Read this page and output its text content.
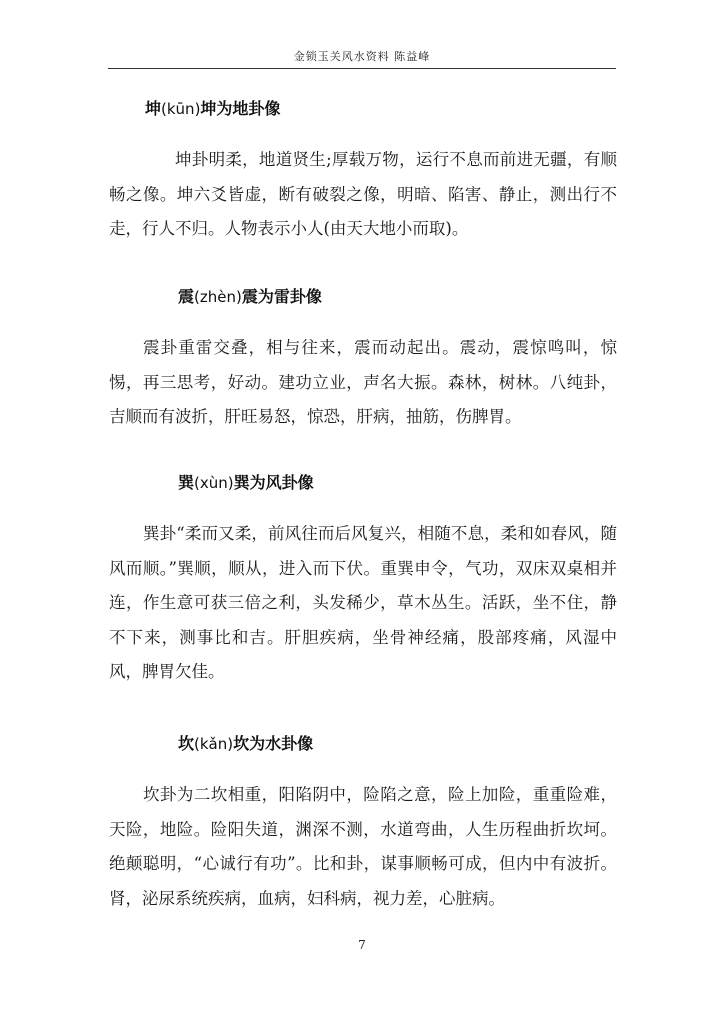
金锁玉关风水资料 陈益峰
坤(kūn)坤为地卦像

坤卦明柔，地道贤生;厚载万物，运行不息而前进无疆，有顺畅之像。坤六爻皆虚，断有破裂之像，明暗、陷害、静止，测出行不走，行人不归。人物表示小人(由天大地小而取)。

震(zhèn)震为雷卦像

震卦重雷交叠，相与往来，震而动起出。震动，震惊鸣叫，惊惕，再三思考，好动。建功立业，声名大振。森林，树林。八纯卦，吉顺而有波折，肝旺易怒，惊恐，肝病，抽筋，伤脾胃。

巽(xùn)巽为风卦像

巽卦“柔而又柔，前风往而后风复兴，相随不息，柔和如春风，随风而顺。”巽顺，顺从，进入而下伏。重巽申令，气功，双床双桌相并连，作生意可获三倍之利，头发稀少，草木丛生。活跃，坐不住，静不下来，测事比和吉。肝胆疾病，坐骨神经痛，股部疼痛，风湿中风，脾胃欠佳。

坎(kǎn)坎为水卦像

坎卦为二坎相重，阳陷阴中，险陷之意，险上加险，重重险难，天险，地险。险阳失道，渊深不测，水道弯曲，人生历程曲折坎坷。绝颠聪明，“心诚行有功”。比和卦，谋事顺畅可成，但内中有波折。肾，泌尿系统疾病，血病，妇科病，视力差，心脏病。

7
